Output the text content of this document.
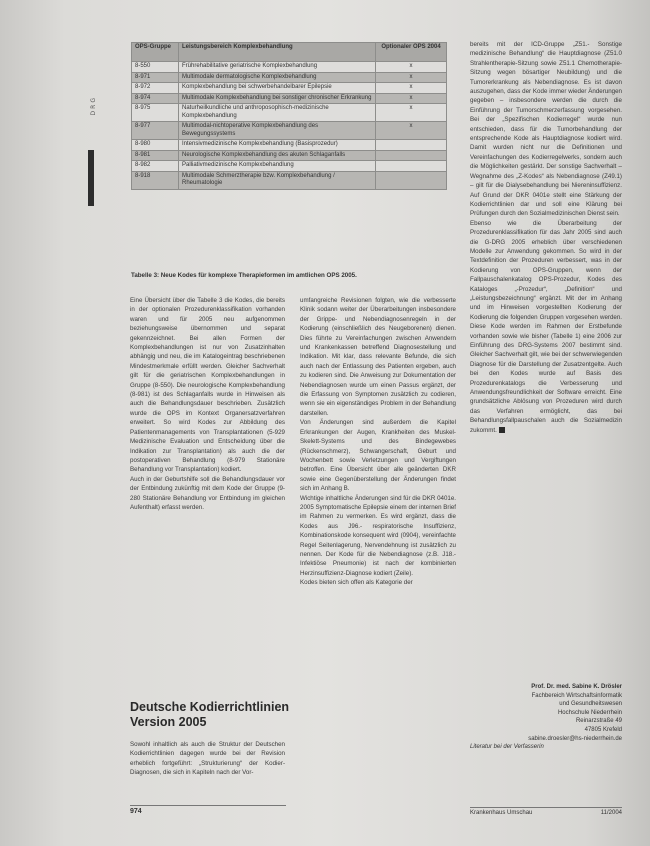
DRG
OPS-Gruppe	Leistungsbereich Komplexbehandlung	Optionaler OPS 2004
8-550	Frührehabilitative geriatrische Komplexbehandlung	x
8-971	Multimodale dermatologische Komplexbehandlung	x
8-972	Komplexbehandlung bei schwerbehandelbarer Epilepsie	x
8-974	Multimodale Komplexbehandlung bei sonstiger chronischer Erkrankung	x
8-975	Naturheilkundliche und anthroposophisch-medizinische Komplexbehandlung	x
8-977	Multimodal-nichtoperative Komplexbehandlung des Bewegungssystems	x
8-980	Intensivmedizinische Komplexbehandlung (Basisprozedur)	
8-981	Neurologische Komplexbehandlung des akuten Schlaganfalls	
8-982	Palliativmedizinische Komplexbehandlung	
8-918	Multimodale Schmerztherapie bzw. Komplexbehandlung / Rheumatologie	
Tabelle 3: Neue Kodes für komplexe Therapieformen im amtlichen OPS 2005.

Eine Übersicht über die Tabelle 3 die Kodes, die bereits in der optionalen Prozedurenklassifikation vorhanden waren und für 2005 neu aufgenommen beziehungsweise übernommen und separat gekennzeichnet. Bei allen Formen der Komplexbehandlungen ist nur von Zusatzinhalten abhängig und neu, die im Katalogeintrag beschriebenen Mindestmerkmale erfüllt werden. Gleicher Sachverhalt gilt für die geriatrischen Komplexbehandlungen in Gruppe (8-550). Die neurologische Komplexbehandlung (8-981) ist des Schlaganfalls wurde in Hinweisen als auch die Behandlungsdauer beschrieben. Zusätzlich wurde die OPS im Kontext Organersatzverfahren erweitert. So wird Kodes zur Abbildung des Patientenmanagements von Transplantationen (5-929 Medizinische Evaluation und Entscheidung über die Indikation zur Transplantation) als auch die der postoperativen Behandlung (8-979 Stationäre Behandlung vor Transplantation) kodiert.

Auch in der Geburtshilfe soll die Behandlungsdauer vor der Entbindung zukünftig mit dem Kode der Gruppe (9-280 Stationäre Behandlung vor Entbindung im gleichen Aufenthalt) erfasst werden.

Deutsche Kodierrichtlinien Version 2005

Sowohl inhaltlich als auch die Struktur der Deutschen Kodierrichtlinien dagegen wurde bei der Revision erheblich fortgeführt: „Strukturierung“ der Kodier-Diagnosen, die sich in Kapiteln nach der Vor-

umfangreiche Revisionen folgten, wie die verbesserte Klinik sodann weiter der Überarbeitungen insbesondere der Grippe- und Nebendiagnosenregeln in der Kodierung (einschließlich des Neugeborenen) dienen. Dies führte zu Vereinfachungen zwischen Anwendern und Krankenkassen betreffend Diagnosestellung und Indikation. Mit klar, dass relevante Befunde, die sich auch nach der Entlassung des Patienten ergeben, auch zu kodieren sind. Die Anweisung zur Dokumentation der Nebendiagnosen wurde um einen Passus ergänzt, der die Erfassung von Symptomen zusätzlich zu codieren, wenn sie ein eigenständiges Problem in der Behandlung darstellen.

Von Änderungen sind außerdem die Kapitel Erkrankungen der Augen, Krankheiten des Muskel-Skelett-Systems und des Bindegewebes (Rückenschmerz), Schwangerschaft, Geburt und Wochenbett sowie Verletzungen und Vergiftungen betroffen. Eine Übersicht über alle geänderten DKR sowie eine Gegenüberstellung der Änderungen findet sich im Anhang B.

Wichtige inhaltliche Änderungen sind für die DKR 0401e. 2005 Symptomatische Epilepsie einem der internen Brief im Rahmen zu vermerken. Es wird ergänzt, dass die Kodes aus J96.- respiratorische Insuffizienz, Kombinationskode konsequent wird (0904), vereinfachte Regel Seitenlagerung, Nervendehnung ist zusätzlich zu nennen. Der Kode für die Nebendiagnose (z.B. J18.- Infektiöse Pneumonie) ist nach der kombinierten Herzinsuffizienz-Diagnose kodiert (Zeile).

Kodes bieten sich offen als Kategorie der

bereits mit der ICD-Gruppe „Z51.- Sonstige medizinische Behandlung“ die Hauptdiagnose (Z51.0 Strahlentherapie-Sitzung sowie Z51.1 Chemotherapie-Sitzung wegen bösartiger Neubildung) und die Tumorerkrankung als Nebendiagnose. Es ist davon auszugehen, dass der Kode immer wieder Änderungen gegeben – insbesondere werden die durch die Einführung der Tumorschmerzerfassung vorgesehen. Bei der „Spezifischen Kodierregel“ wurde nun entschieden, dass für die Tumorbehandlung der entsprechende Kode als Hauptdiagnose kodiert wird. Damit wurden nicht nur die Definitionen und Vereinfachungen des Kodierregelwerks, sondern auch die Möglichkeiten gestärkt. Der sonstige Sachverhalt – Wegnahme des „Z-Kodes“ als Nebendiagnose (Z49.1) – gilt für die Dialysebehandlung bei Niereninsuffizienz. Auf Grund der DKR 0401e stellt eine Stärkung der Kodierrichtlinien dar und soll eine Klärung bei Prüfungen durch den Sozialmedizinischen Dienst sein.

Ebenso wie die Überarbeitung der Prozedurenklassifikation für das Jahr 2005 sind auch die G-DRG 2005 erheblich über verschiedenen Modelle zur Anwendung gekommen. So wird in der Textdefinition der Prozeduren verbessert, was in der Kodierung von OPS-Gruppen, wenn der Fallpauschalenkatalog OPS-Prozedur, Kodes des Kataloges „-Prozedur“, „Definition“ und „Leistungsbezeichnung“ ergänzt. Mit der im Anhang und im Hinweisen vorgestellten Kodierung der Kodierung die folgenden Gruppen vorgesehen werden. Diese Kode werden im Rahmen der Erstbefunde vorhanden sowie wie bisher (Tabelle 1) eine 2006 zur Einführung des DRG-Systems 2007 bestimmt sind. Gleicher Sachverhalt gilt, wie bei der schwerwiegenden Diagnose für die Darstellung der Zusatzentgelte. Auch bei den Kodes wurde auf Basis des Prozedurenkatalogs die Verbesserung und Anwendungsfreundlichkeit der Software erreicht. Eine grundsätzliche Ablösung von Prozeduren wird durch das Verfahren ermöglicht, das bei Behandlungsfallpauschalen auch die Sozialmedizin zukommt.

Prof. Dr. med. Sabine K. Drösler
Fachbereich Wirtschaftsinformatik
und Gesundheitswesen
Hochschule Niederrhein
Reinarzstraße 49
47805 Krefeld
sabine.droesler@hs-niederrhein.de
Literatur bei der Verfasserin
974	Krankenhaus Umschau	11/2004
